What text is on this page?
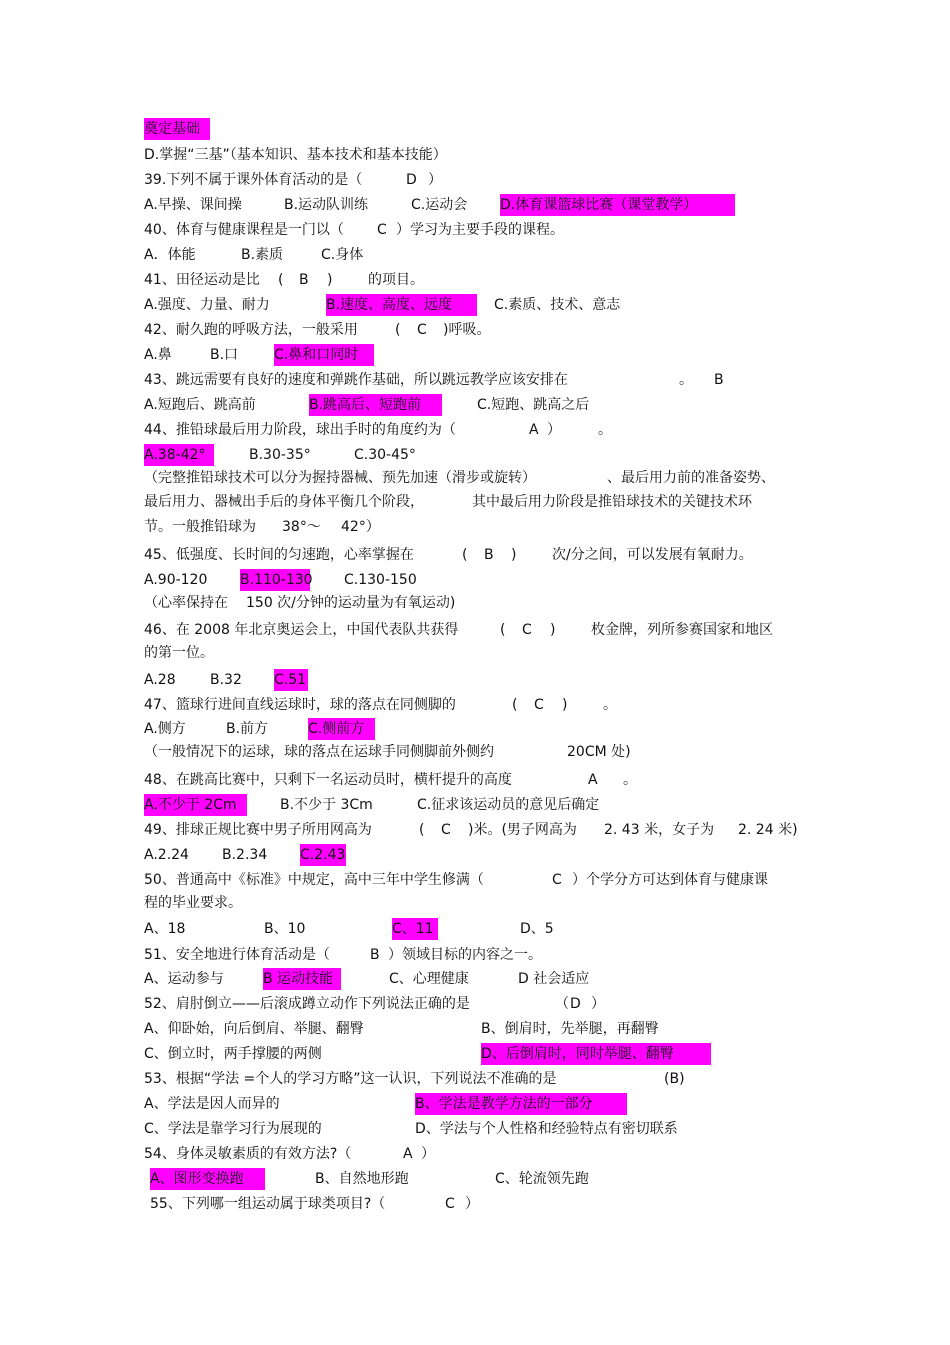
奠定基础
D.掌握“三基”（基本知识、基本技术和基本技能）
39.下列不属于课外体育活动的是（	D ）
A.早操、课间操	B.运动队训练	C.运动会 D.体育课篮球比赛（课堂教学）
40、体育与健康课程是一门以（ C ）学习为主要手段的课程。
A．体能	B.素质	C.身体
41、田径运动是比 ( B )	的项目。
A.强度、力量、耐力	B.速度、高度、远度	C.素质、技术、意志
42、耐久跑的呼吸方法，一般采用	( C )呼吸。
A.鼻	B.口	C.鼻和口同时
43、跳远需要有良好的速度和弹跳作基础，所以跳远教学应该安排在	。 B
A.短跑后、跳高前	B.跳高后、短跑前	C.短跑、跳高之后
44、推铅球最后用力阶段，球出手时的角度约为（	A ）	。
A.38-42°	B.30-35°	C.30-45°
（完整推铅球技术可以分为握持器械、预先加速（滑步或旋转）	、最后用力前的准备姿势、
最后用力、器械出手后的身体平衡几个阶段，	其中最后用力阶段是推铅球技术的关键技术环
节。一般推铅球为 38°～ 42°）
45、低强度、长时间的匀速跑，心率掌握在	( B )	次/分之间，可以发展有氧耐力。
A.90-120 B.110-130 C.130-150
（心率保持在 150 次/分钟的运动量为有氧运动)
46、在 2008 年北京奥运会上，中国代表队共获得	( C )	枚金牌，列所参赛国家和地区
的第一位。
A.28 B.32 C.51
47、篮球行进间直线运球时，球的落点在同侧脚的	( C )	。
A.侧方	B.前方	C.侧前方
（一般情况下的运球，球的落点在运球手同侧脚前外侧约	20CM 处)
48、在跳高比赛中，只剩下一名运动员时，横杆提升的高度	A 。
A.不少于 2Cm	B.不少于 3Cm	C.征求该运动员的意见后确定
49、排球正规比赛中男子所用网高为	( C )米。(男子网高为 2. 43 米，女子为 2. 24 米)
A.2.24 B.2.34 C.2.43
50、普通高中《标准》中规定，高中三年中学生修满（	C ）个学分方可达到体育与健康课
程的毕业要求。
A、18	B、10	C、11	D、5
51、安全地进行体育活动是（	B ）领域目标的内容之一。
A、运动参与	B 运动技能	C、心理健康	D 社会适应
52、肩肘倒立——后滚成蹲立动作下列说法正确的是	（ D ）
A、仰卧始，向后倒肩、举腿、翻臀	B、倒肩时，先举腿，再翻臀
C、倒立时，两手撑腰的两侧	D、后倒肩时，同时举腿、翻臀
53、根据“学法 =个人的学习方略”这一认识，下列说法不准确的是	(B)
A、学法是因人而异的	B、学法是教学方法的一部分
C、学法是靠学习行为展现的	D、学法与个人性格和经验特点有密切联系
54、身体灵敏素质的有效方法?（	A ）
A、图形变换跑	B、自然地形跑	C、轮流领先跑
55、下列哪一组运动属于球类项目?（	C ）
